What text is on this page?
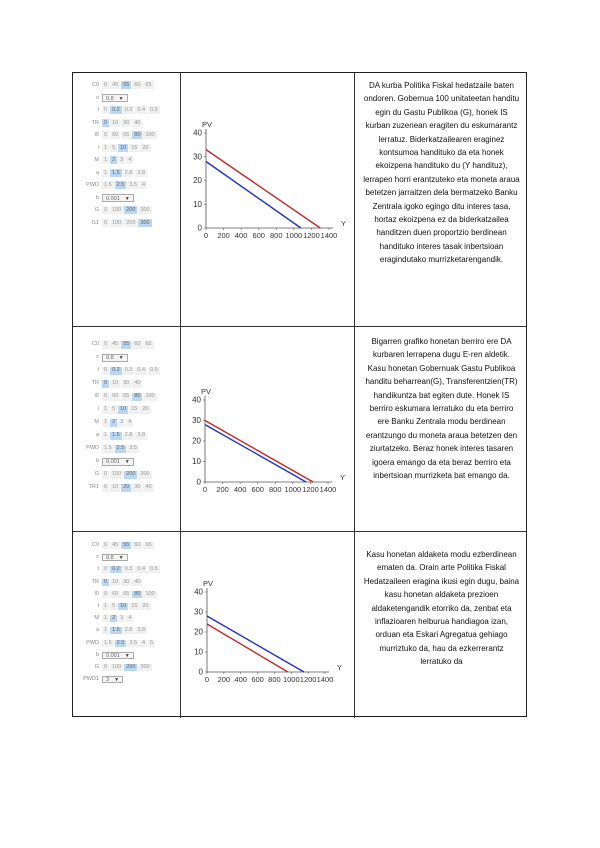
C0 0 45 55 60 65
c	0.8 ▼
t 0 0.2 0.3 0.4 0.5
TR 0 10 30 40
I0 0 60 65 80 100
i 1 5 10 15 20
M 1 2 3 4
a 1 1.5 2.8 3.8
PWD 1.5 2.5 3.5 4
b	0.001 ▼
G 0 100 200 300
G1 0 100 200 300
0
10
20
30
40
0 200 400 600 800 1000 1200 1400
PV
Y
DA kurba Politika Fiskal hedatzaile baten ondoren. Gobernua 100 unitateetan handitu egin du Gastu Publikoa (G), honek IS kurban zuzenean eragiten du eskumarantz lerratuz. Biderkatzailearen eraginez kontsumoa handituko da eta honek ekoizpena handituko du (Y handituz), lerrapen horri erantzuteko eta moneta araua betetzen jarraitzen dela bermatzeko Banku Zentrala igoko egingo ditu interes tasa, hortaz ekoizpena ez da biderkatzailea handitzen duen proportzio berdinean handituko interes tasak inbertsioan eragindutako murrizketarengandik.
C0 0 45 55 60 65
c	0.8 ▼
t 0 0.2 0.3 0.4 0.5
TR 0 10 30 40
I0 0 60 65 80 100
i 1 5 10 15 20
M 1 2 3 4
a 1 1.5 2.8 3.8
PWD 1.5 2.5 3.5
b	0.001 ▼
G 0 100 200 300
TR1 0 10 20 30 40
0
10
20
30
40
0 200 400 600 800 1000 1200 1400
PV
Y
Bigarren grafiko honetan berriro ere DA kurbaren lerrapena dugu E-ren aldetik. Kasu honetan Gobernuak Gastu Publikoa handitu beharrean(G), Transferentzien(TR) handikuntza bat egiten dute. Honek IS berriro eskumara lerratuko du eta berriro ere Banku Zentrala modu berdinean erantzungo du moneta araua betetzen den ziurtatzeko. Beraz honek interes tasaren igoera emango da eta beraz berriro eta inbertsioan murrizketa bat emango da.
C0 0 45 55 60 65
c	0.8 ▼
t 0 0.2 0.3 0.4 0.5
TR 0 10 30 40
I0 0 60 65 80 100
i 1 5 10 15 20
M 1 2 3 4
a 1 1.5 2.8 3.8
PWD 1.5 2.5 3.5 4 5
b	0.001 ▼
G 0 100 200 300
PWD1	3 ▼
0
10
20
30
40
0 200 400 600 800 1000 1200 1400
PV
Y
Kasu honetan aldaketa modu ezberdinean ematen da. Orain arte Politika Fiskal Hedatzaileen eragina ikusi egin dugu, baina kasu honetan aldaketa prezioen aldaketengandik etorriko da, zenbat eta inflazioaren helburua handiagoa izan, orduan eta Eskari Agregatua gehiago murriztuko da, hau da ezkerrerantz lerratuko da
